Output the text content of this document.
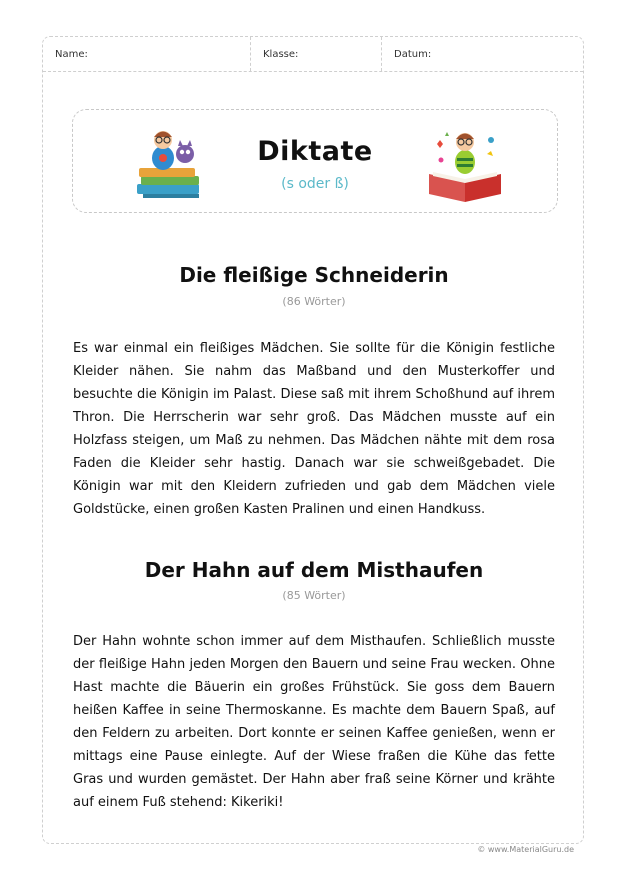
Name:	Klasse:	Datum:
Diktate
(s oder ß)
Die fleißige Schneiderin
(86 Wörter)

Es war einmal ein fleißiges Mädchen. Sie sollte für die Königin festliche Kleider nähen. Sie nahm das Maßband und den Musterkoffer und besuchte die Königin im Palast. Diese saß mit ihrem Schoßhund auf ihrem Thron. Die Herrscherin war sehr groß. Das Mädchen musste auf ein Holzfass steigen, um Maß zu nehmen. Das Mädchen nähte mit dem rosa Faden die Kleider sehr hastig. Danach war sie schweißgebadet. Die Königin war mit den Kleidern zufrieden und gab dem Mädchen viele Goldstücke, einen großen Kasten Pralinen und einen Handkuss.

Der Hahn auf dem Misthaufen
(85 Wörter)

Der Hahn wohnte schon immer auf dem Misthaufen. Schließlich musste der fleißige Hahn jeden Morgen den Bauern und seine Frau wecken. Ohne Hast machte die Bäuerin ein großes Frühstück. Sie goss dem Bauern heißen Kaffee in seine Thermoskanne. Es machte dem Bauern Spaß, auf den Feldern zu arbeiten. Dort konnte er seinen Kaffee genießen, wenn er mittags eine Pause einlegte. Auf der Wiese fraßen die Kühe das fette Gras und wurden gemästet. Der Hahn aber fraß seine Körner und krähte auf einem Fuß stehend: Kikeriki!

© www.MaterialGuru.de
